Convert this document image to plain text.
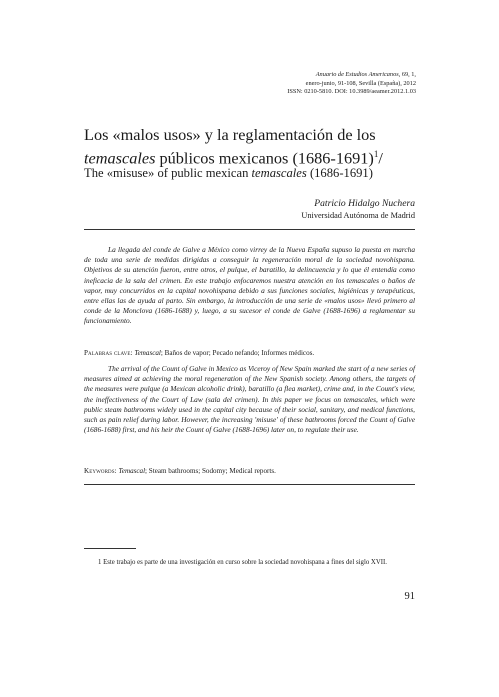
Anuario de Estudios Americanos, 69, 1,
enero-junio, 91-108, Sevilla (España), 2012
ISSN: 0210-5810. DOI: 10.3989/aeamer.2012.1.03
Los «malos usos» y la reglamentación de los
temascales públicos mexicanos (1686-1691)$^1$/
The «misuse» of public mexican temascales (1686-1691)
Patricio Hidalgo Nuchera
Universidad Autónoma de Madrid

La llegada del conde de Galve a México como virrey de la Nueva España supuso la puesta en marcha de toda una serie de medidas dirigidas a conseguir la regeneración moral de la sociedad novohispana. Objetivos de su atención fueron, entre otros, el pulque, el baratillo, la delincuencia y lo que él entendía como ineficacia de la sala del crimen. En este trabajo enfocaremos nuestra atención en los temascales o baños de vapor, muy concurridos en la capital novohispana debido a sus funciones sociales, higiénicas y terapéuticas, entre ellas las de ayuda al parto. Sin embargo, la introducción de una serie de «malos usos» llevó primero al conde de la Monclova (1686-1688) y, luego, a su sucesor el conde de Galve (1688-1696) a reglamentar su funcionamiento.

Palabras clave: Temascal; Baños de vapor; Pecado nefando; Informes médicos.

The arrival of the Count of Galve in Mexico as Viceroy of New Spain marked the start of a new series of measures aimed at achieving the moral regeneration of the New Spanish society. Among others, the targets of the measures were pulque (a Mexican alcoholic drink), baratillo (a flea market), crime and, in the Count's view, the ineffectiveness of the Court of Law (sala del crimen). In this paper we focus on temascales, which were public steam bathrooms widely used in the capital city because of their social, sanitary, and medical functions, such as pain relief during labor. However, the increasing 'misuse' of these bathrooms forced the Count of Galve (1686-1688) first, and his heir the Count of Galve (1688-1696) later on, to regulate their use.

Keywords: Temascal; Steam bathrooms; Sodomy; Medical reports.
1 Este trabajo es parte de una investigación en curso sobre la sociedad novohispana a fines del siglo XVII.
91
